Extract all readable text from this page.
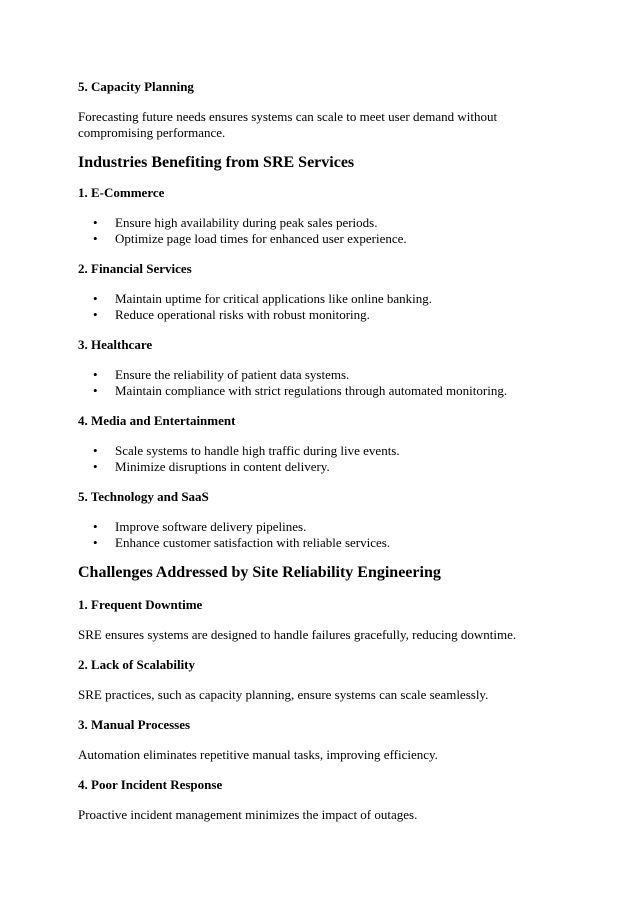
5. Capacity Planning
Forecasting future needs ensures systems can scale to meet user demand without compromising performance.
Industries Benefiting from SRE Services
1. E-Commerce
• Ensure high availability during peak sales periods.
• Optimize page load times for enhanced user experience.
2. Financial Services
• Maintain uptime for critical applications like online banking.
• Reduce operational risks with robust monitoring.
3. Healthcare
• Ensure the reliability of patient data systems.
• Maintain compliance with strict regulations through automated monitoring.
4. Media and Entertainment
• Scale systems to handle high traffic during live events.
• Minimize disruptions in content delivery.
5. Technology and SaaS
• Improve software delivery pipelines.
• Enhance customer satisfaction with reliable services.
Challenges Addressed by Site Reliability Engineering
1. Frequent Downtime
SRE ensures systems are designed to handle failures gracefully, reducing downtime.
2. Lack of Scalability
SRE practices, such as capacity planning, ensure systems can scale seamlessly.
3. Manual Processes
Automation eliminates repetitive manual tasks, improving efficiency.
4. Poor Incident Response
Proactive incident management minimizes the impact of outages.
